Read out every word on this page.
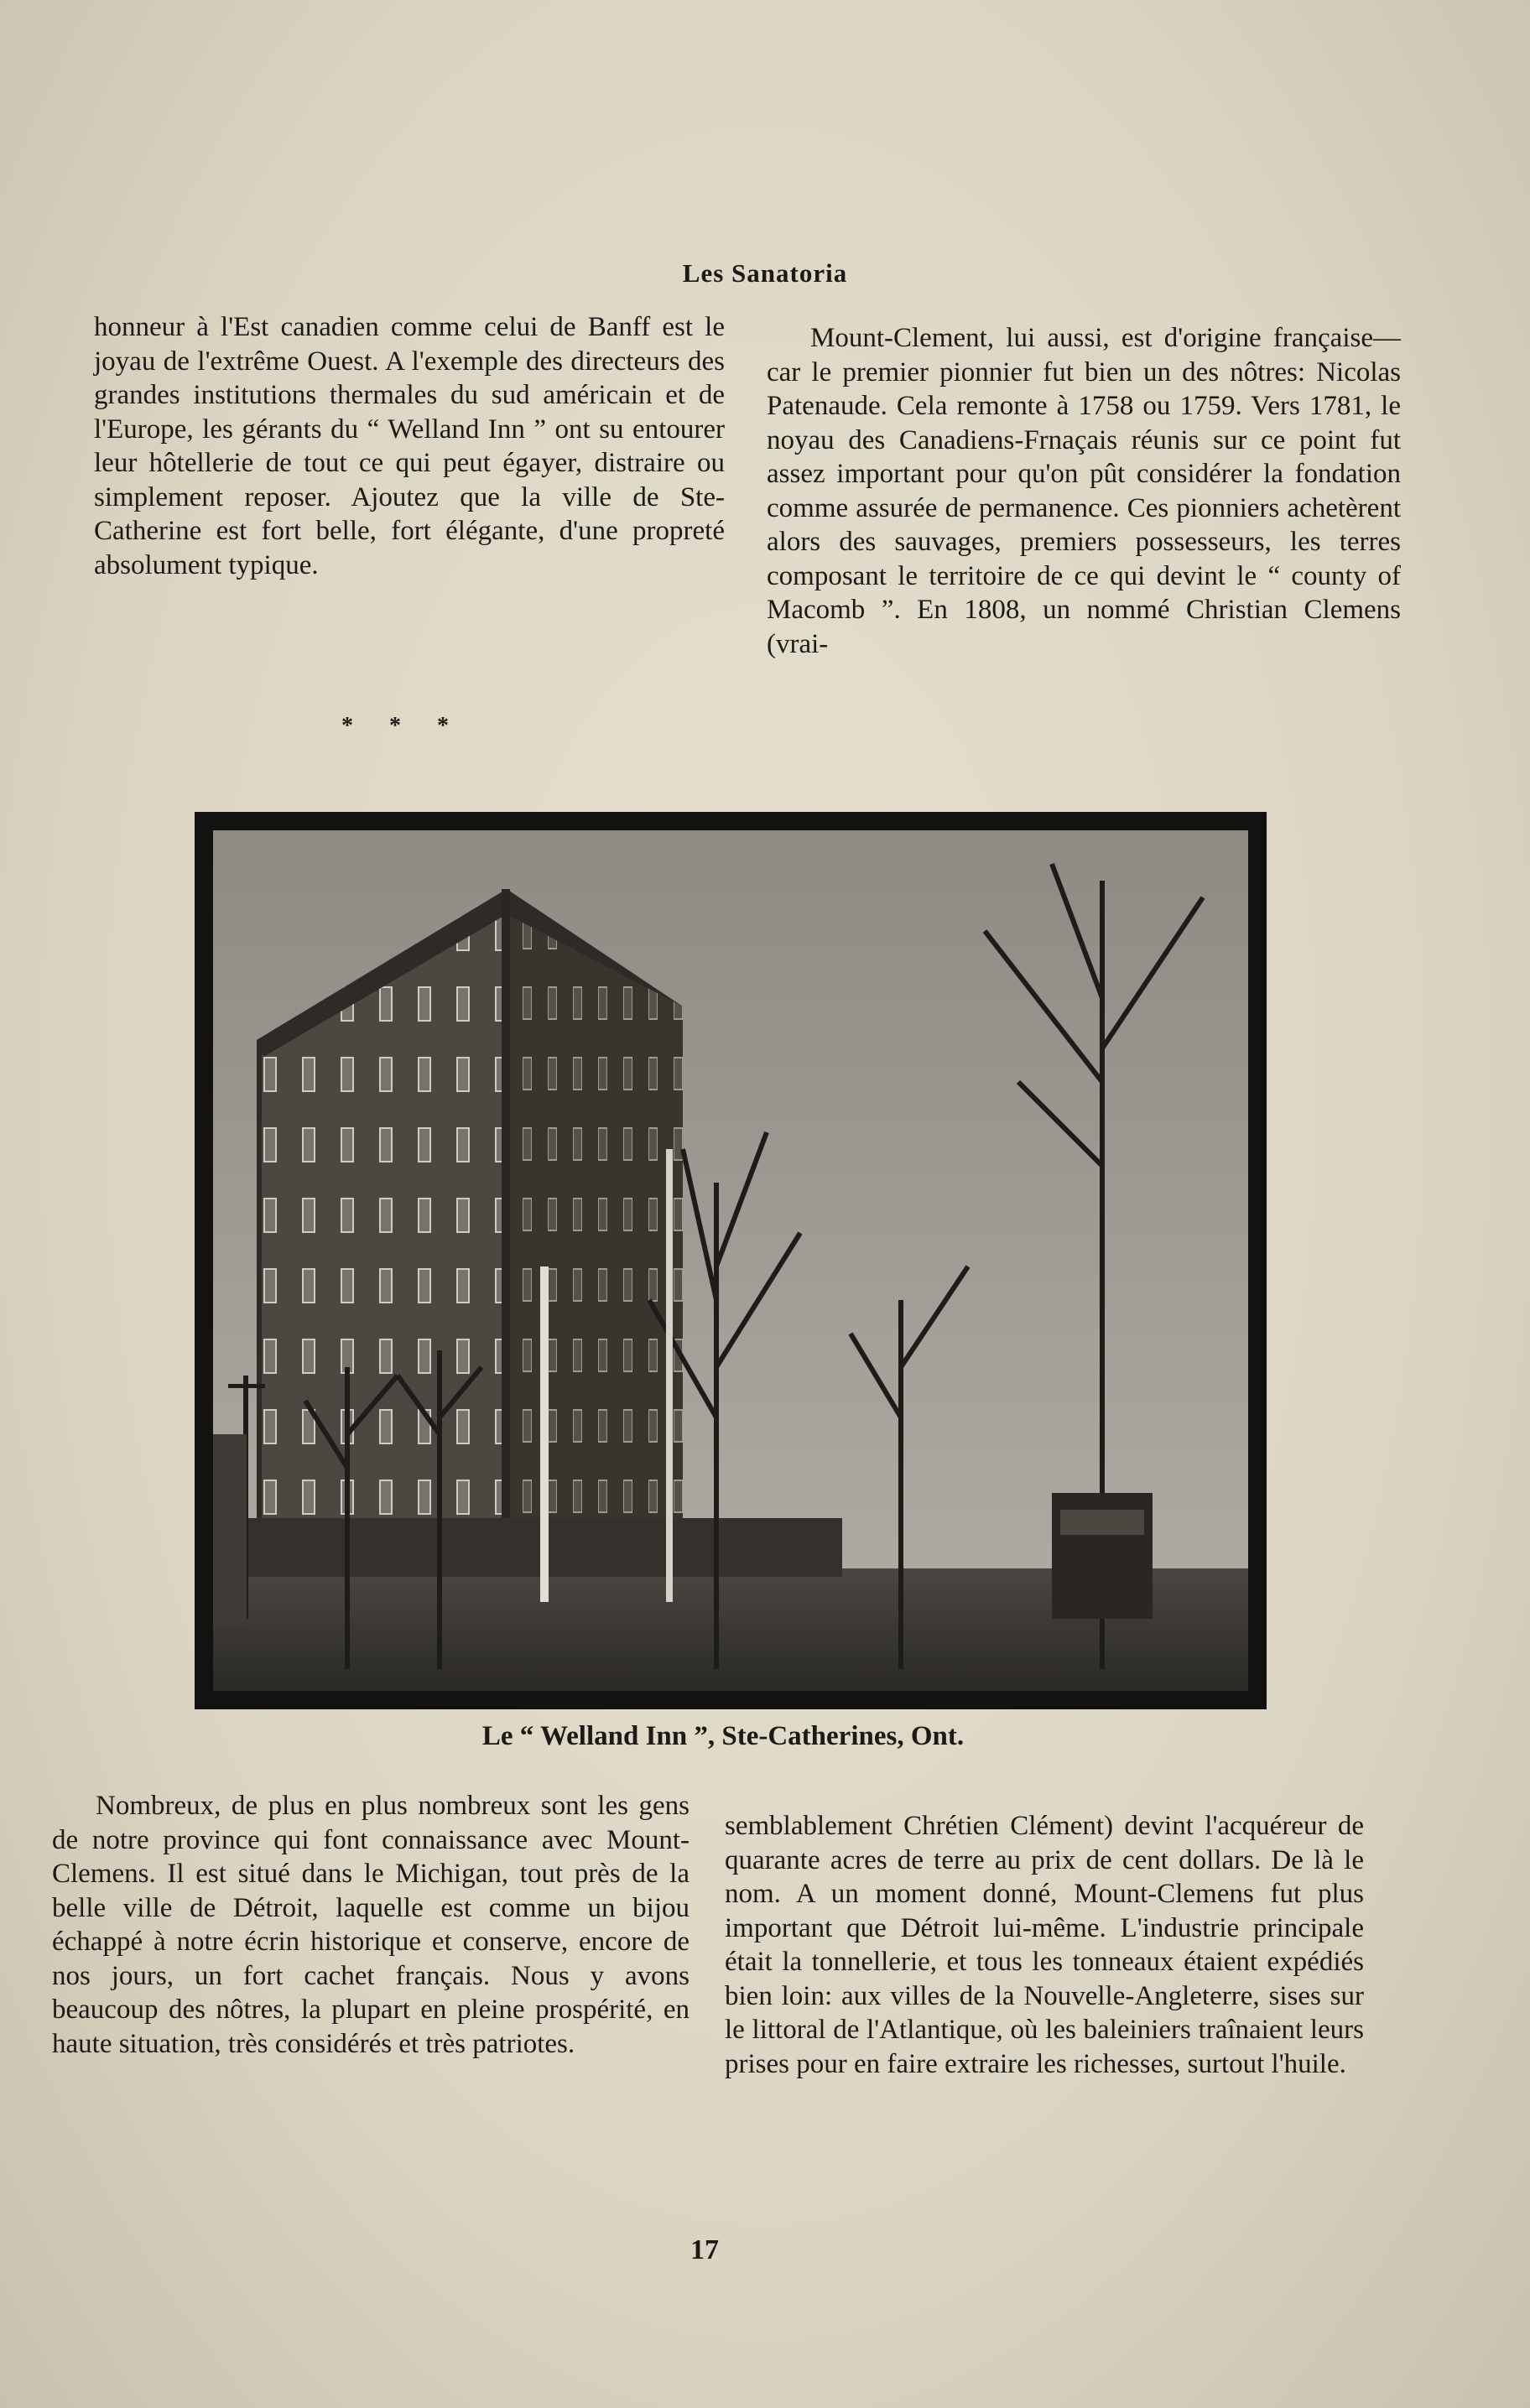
Les Sanatoria

honneur à l'Est canadien comme celui de Banff est le joyau de l'extrême Ouest. A l'exemple des directeurs des grandes institutions thermales du sud américain et de l'Europe, les gérants du “ Welland Inn ” ont su entourer leur hôtellerie de tout ce qui peut égayer, distraire ou simplement reposer. Ajoutez que la ville de Ste-Catherine est fort belle, fort élégante, d'une propreté absolument typique.

* * *

Mount-Clement, lui aussi, est d'origine française—car le premier pionnier fut bien un des nôtres: Nicolas Patenaude. Cela remonte à 1758 ou 1759. Vers 1781, le noyau des Canadiens-Frnaçais réunis sur ce point fut assez important pour qu'on pût considérer la fondation comme assurée de permanence. Ces pionniers achetèrent alors des sauvages, premiers possesseurs, les terres composant le territoire de ce qui devint le “ county of Macomb ”. En 1808, un nommé Christian Clemens (vrai-

Le “ Welland Inn ”, Ste-Catherines, Ont.

Nombreux, de plus en plus nombreux sont les gens de notre province qui font connaissance avec Mount-Clemens. Il est situé dans le Michigan, tout près de la belle ville de Détroit, laquelle est comme un bijou échappé à notre écrin historique et conserve, encore de nos jours, un fort cachet français. Nous y avons beaucoup des nôtres, la plupart en pleine prospérité, en haute situation, très considérés et très patriotes.

semblablement Chrétien Clément) devint l'acquéreur de quarante acres de terre au prix de cent dollars. De là le nom. A un moment donné, Mount-Clemens fut plus important que Détroit lui-même. L'industrie principale était la tonnellerie, et tous les tonneaux étaient expédiés bien loin: aux villes de la Nouvelle-Angleterre, sises sur le littoral de l'Atlantique, où les baleiniers traînaient leurs prises pour en faire extraire les richesses, surtout l'huile.

17
